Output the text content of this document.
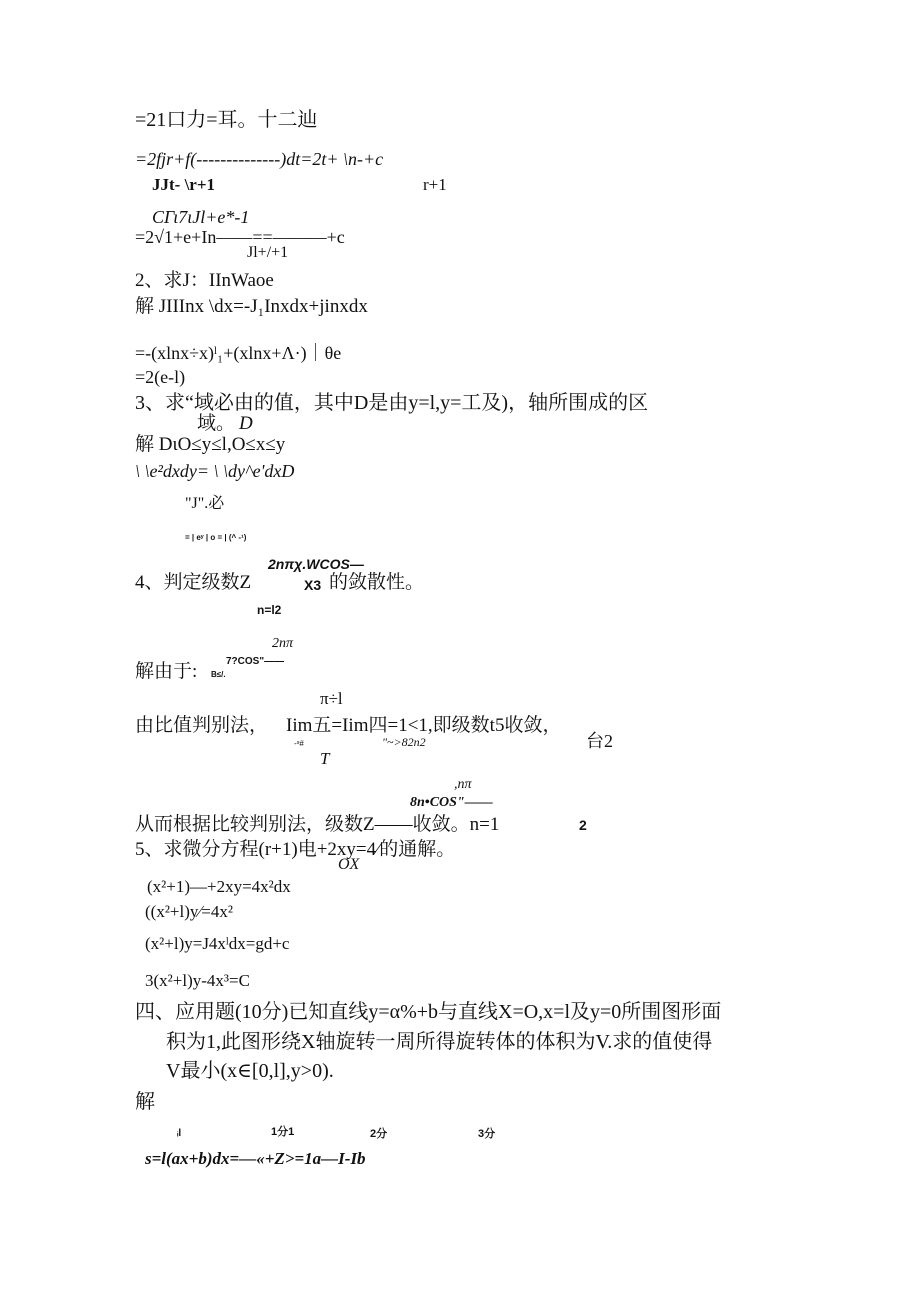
=21口力=耳。十二辿
=2fjr+f(--------------)dt=2t+ \n-+c
JJt- \r+1	r+1
CΓι7ιJl+e*-1
=2√1+e+In——==———+c
Jl+/+1
2、求J：IInWaoe
解 JIIInx \dx=-J₁Inxdx+jinxdx
=-(xlnx÷x)ˡ₁+(xlnx+Λ·)｜θe
=2(e-l)
3、求“域必由的值，其中D是由y=l,y=工及)，轴所围成的区
域。 D
解 DιO≤y≤l,O≤x≤y
\ \e²dxdy= \ \dy^e'dxD
"J".必
= | eʸ | o = | (^ -¹)
2nπχ.WCOS—
4、判定级数Z	X3 的敛散性。
n=l2
2nπ
解由于: B≤/.
7?COS"——
π÷l
由比值判别法， Iim五=Iim四=1<1,即级数t5收敛，
台2
-ˢ#	"~>82n2
T
,nπ
8n•COS"——
从而根据比较判别法，级数Z——收敛。n=1	2
5、求微分方程(r+1)电+2xy=4⁄的通解。
OX
(x²+1)—+2xy=4x²dx
((x²+l)y⁄=4x²
(x²+l)y=J4xˡdx=gd+c
3(x²+l)y-4x³=C
四、应用题(10分)已知直线y=α%+b与直线X=O,x=l及y=0所围图形面
积为1,此图形绕X轴旋转一周所得旋转体的体积为V.求的值使得
V最小(x∈[0,l],y>0).
解
ᵢl	1分1	2分	3分
s=l(ax+b)dx=—«+Z>=1a—I-Ib
